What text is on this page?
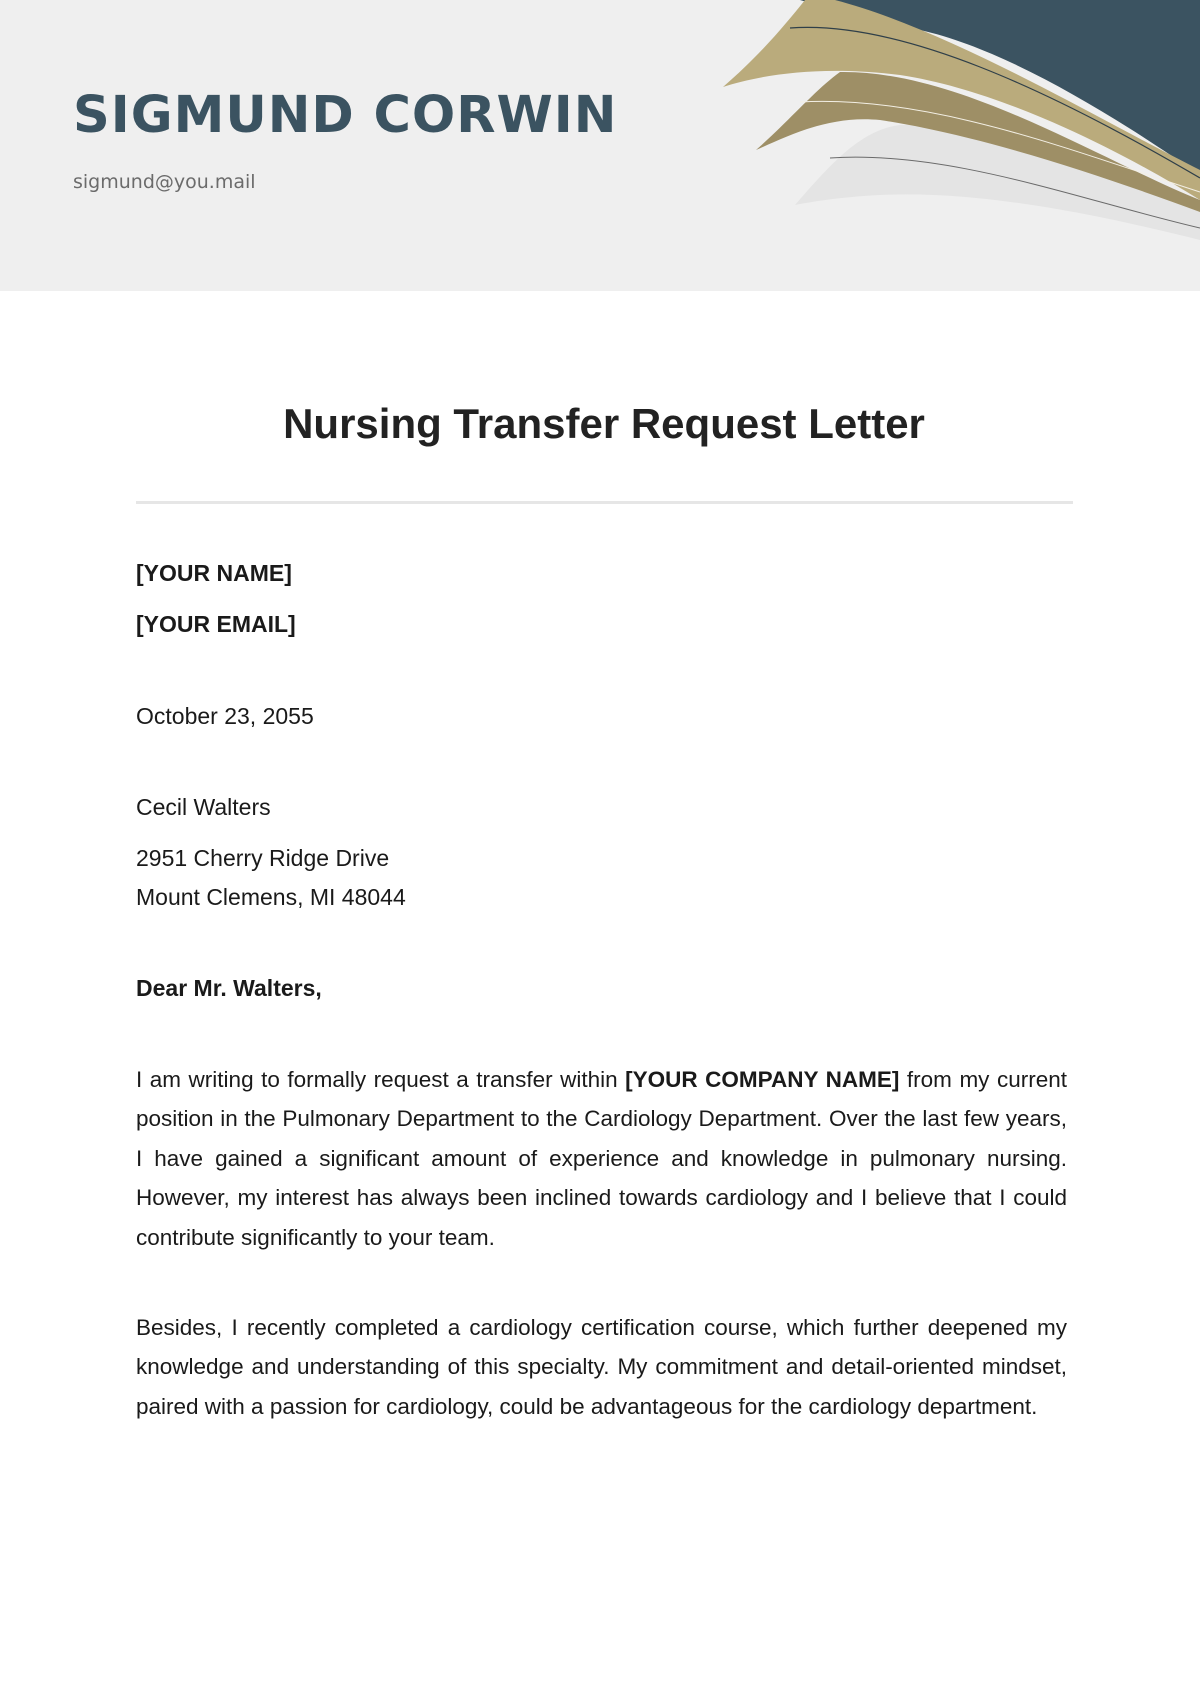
SIGMUND CORWIN
sigmund@you.mail
Nursing Transfer Request Letter
[YOUR NAME]
[YOUR EMAIL]
October 23, 2055
Cecil Walters
2951 Cherry Ridge Drive
Mount Clemens, MI 48044
Dear Mr. Walters,

I am writing to formally request a transfer within [YOUR COMPANY NAME] from my current position in the Pulmonary Department to the Cardiology Department. Over the last few years, I have gained a significant amount of experience and knowledge in pulmonary nursing. However, my interest has always been inclined towards cardiology and I believe that I could contribute significantly to your team.

Besides, I recently completed a cardiology certification course, which further deepened my knowledge and understanding of this specialty. My commitment and detail-oriented mindset, paired with a passion for cardiology, could be advantageous for the cardiology department.
